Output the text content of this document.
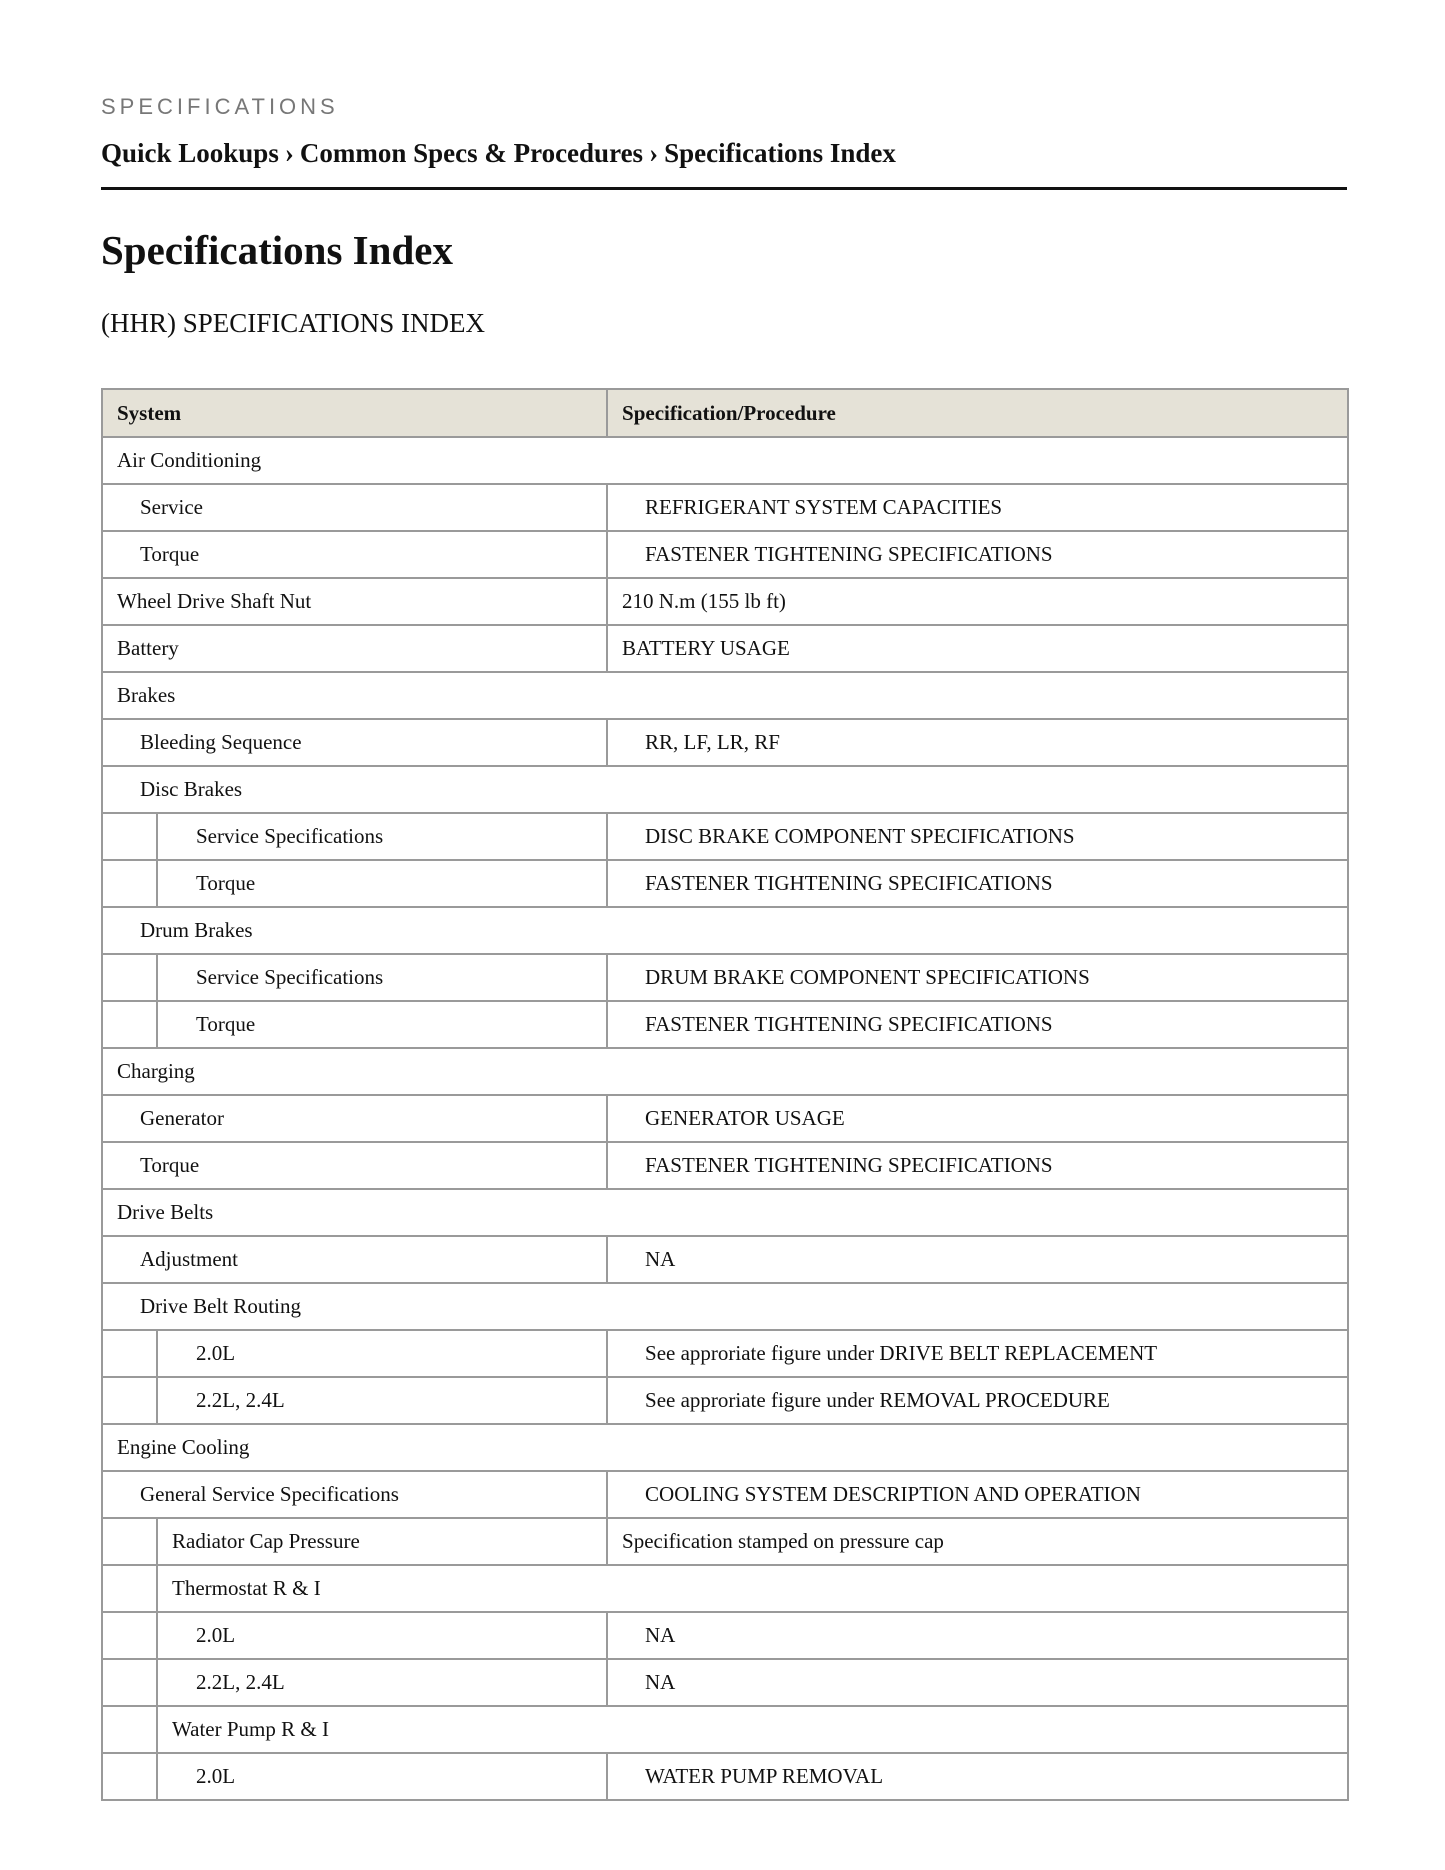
SPECIFICATIONS
Quick Lookups › Common Specs & Procedures › Specifications Index
Specifications Index
(HHR) SPECIFICATIONS INDEX
System		Specification/Procedure
Air Conditioning		
Service		REFRIGERANT SYSTEM CAPACITIES
Torque		FASTENER TIGHTENING SPECIFICATIONS
Wheel Drive Shaft Nut		210 N.m (155 lb ft)
Battery		BATTERY USAGE
Brakes		
Bleeding Sequence		RR, LF, LR, RF
Disc Brakes		
	Service Specifications	DISC BRAKE COMPONENT SPECIFICATIONS
	Torque	FASTENER TIGHTENING SPECIFICATIONS
Drum Brakes		
	Service Specifications	DRUM BRAKE COMPONENT SPECIFICATIONS
	Torque	FASTENER TIGHTENING SPECIFICATIONS
Charging		
Generator		GENERATOR USAGE
Torque		FASTENER TIGHTENING SPECIFICATIONS
Drive Belts		
Adjustment		NA
Drive Belt Routing		
	2.0L	See approriate figure under DRIVE BELT REPLACEMENT
	2.2L, 2.4L	See approriate figure under REMOVAL PROCEDURE
Engine Cooling		
General Service Specifications		COOLING SYSTEM DESCRIPTION AND OPERATION
	Radiator Cap Pressure	Specification stamped on pressure cap
	Thermostat R & I	
	2.0L	NA
	2.2L, 2.4L	NA
	Water Pump R & I	
	2.0L	WATER PUMP REMOVAL
